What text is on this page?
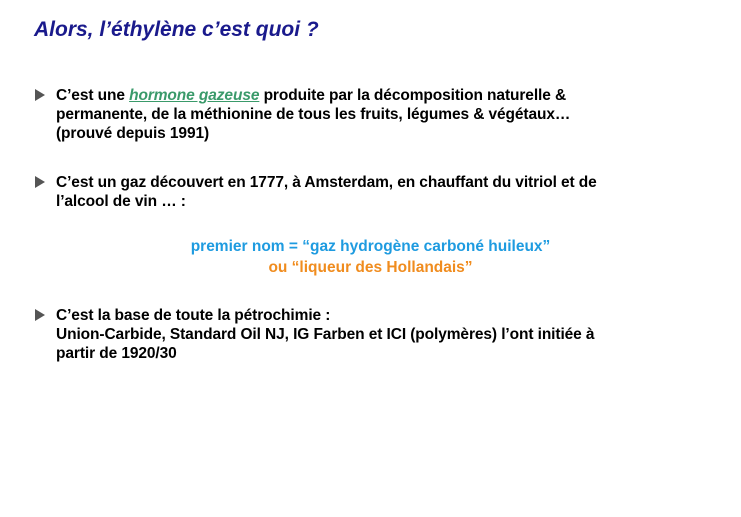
Alors, l’éthylène c’est quoi ?
C’est une hormone gazeuse produite par la décomposition naturelle &
permanente, de la méthionine de tous les fruits, légumes & végétaux…
(prouvé depuis 1991)
C’est un gaz découvert en 1777, à Amsterdam, en chauffant du vitriol et de
l’alcool de vin … :
premier nom = “gaz hydrogène carboné huileux”
ou “liqueur des Hollandais”
C’est la base de toute la pétrochimie :
Union-Carbide, Standard Oil NJ, IG Farben et ICI (polymères) l’ont initiée à
partir de 1920/30
